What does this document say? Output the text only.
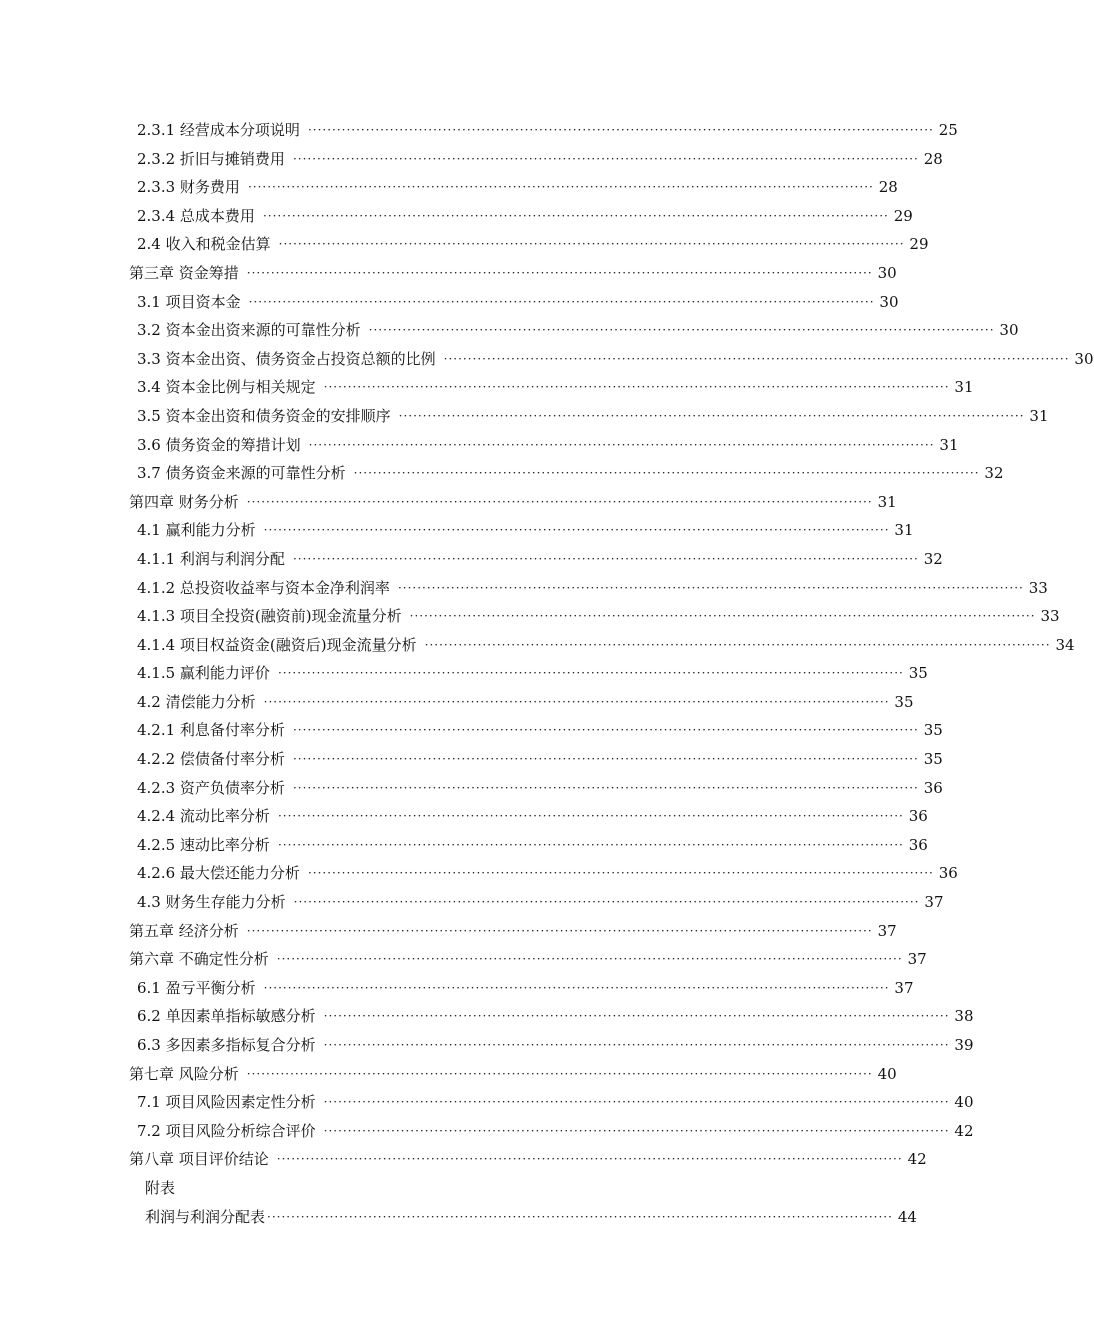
2.3.1 经营成本分项说明 ·································································································································· 25
2.3.2 折旧与摊销费用 ·································································································································· 28
2.3.3 财务费用 ·································································································································· 28
2.3.4 总成本费用 ·································································································································· 29
2.4 收入和税金估算 ·································································································································· 29
第三章 资金筹措 ·································································································································· 30
3.1 项目资本金 ·································································································································· 30
3.2 资本金出资来源的可靠性分析 ·································································································································· 30
3.3 资本金出资、债务资金占投资总额的比例 ·································································································································· 30
3.4 资本金比例与相关规定 ·································································································································· 31
3.5 资本金出资和债务资金的安排顺序 ·································································································································· 31
3.6 债务资金的筹措计划 ·································································································································· 31
3.7 债务资金来源的可靠性分析 ·································································································································· 32
第四章 财务分析 ·································································································································· 31
4.1 赢利能力分析 ·································································································································· 31
4.1.1 利润与利润分配 ·································································································································· 32
4.1.2 总投资收益率与资本金净利润率 ·································································································································· 33
4.1.3 项目全投资(融资前)现金流量分析 ·································································································································· 33
4.1.4 项目权益资金(融资后)现金流量分析 ·································································································································· 34
4.1.5 赢利能力评价 ·································································································································· 35
4.2 清偿能力分析 ·································································································································· 35
4.2.1 利息备付率分析 ·································································································································· 35
4.2.2 偿债备付率分析 ·································································································································· 35
4.2.3 资产负债率分析 ·································································································································· 36
4.2.4 流动比率分析 ·································································································································· 36
4.2.5 速动比率分析 ·································································································································· 36
4.2.6 最大偿还能力分析 ·································································································································· 36
4.3 财务生存能力分析 ·································································································································· 37
第五章 经济分析 ·································································································································· 37
第六章 不确定性分析 ·································································································································· 37
6.1 盈亏平衡分析 ·································································································································· 37
6.2 单因素单指标敏感分析 ·································································································································· 38
6.3 多因素多指标复合分析 ·································································································································· 39
第七章 风险分析 ·································································································································· 40
7.1 项目风险因素定性分析 ·································································································································· 40
7.2 项目风险分析综合评价 ·································································································································· 42
第八章 项目评价结论 ·································································································································· 42
附表
利润与利润分配表 ·································································································································· 44
